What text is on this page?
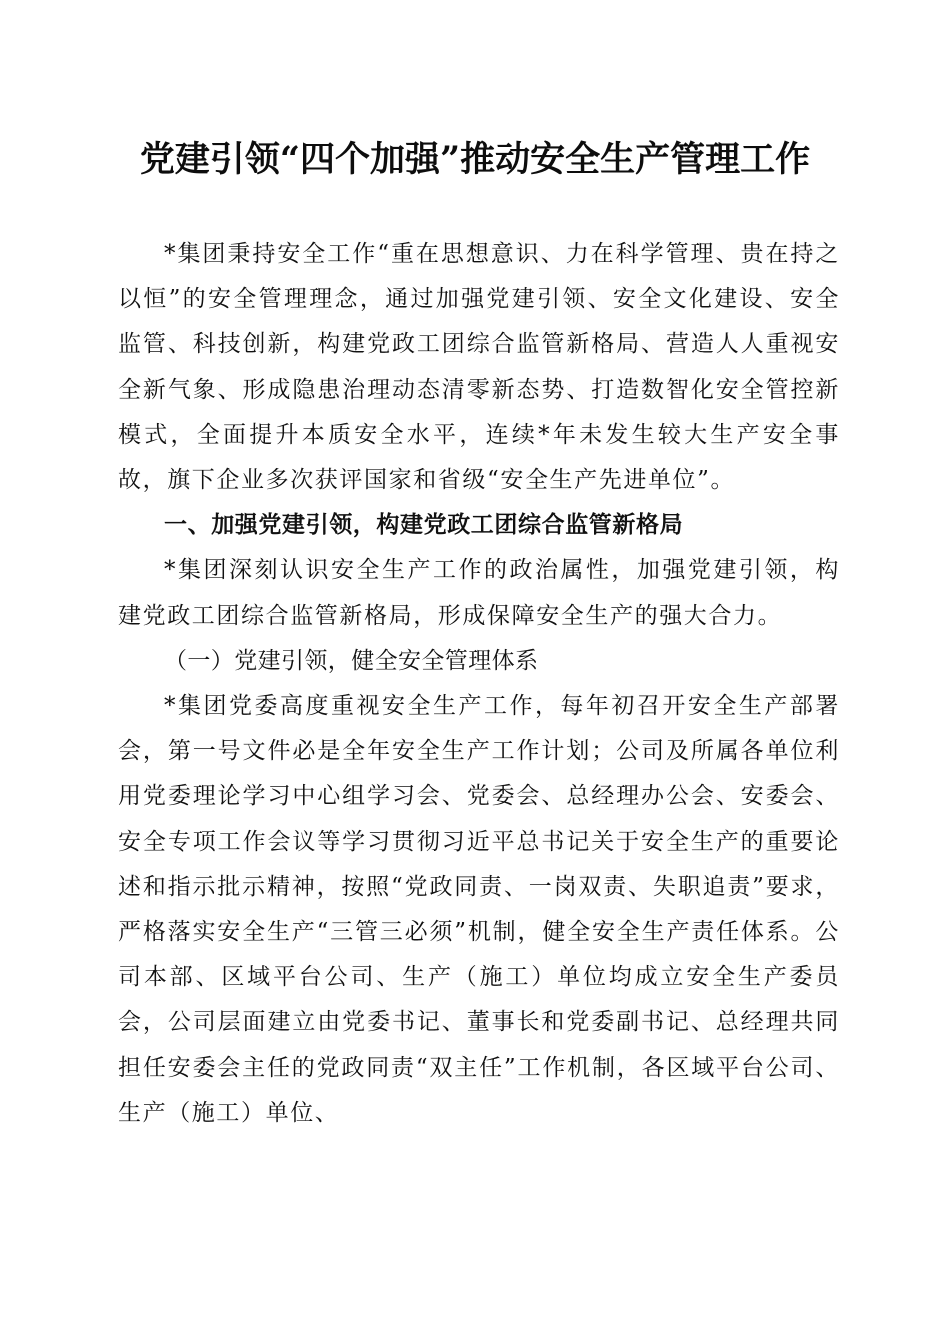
党建引领“四个加强”推动安全生产管理工作

*集团秉持安全工作“重在思想意识、力在科学管理、贵在持之以恒”的安全管理理念，通过加强党建引领、安全文化建设、安全监管、科技创新，构建党政工团综合监管新格局、营造人人重视安全新气象、形成隐患治理动态清零新态势、打造数智化安全管控新模式，全面提升本质安全水平，连续*年未发生较大生产安全事故，旗下企业多次获评国家和省级“安全生产先进单位”。

一、加强党建引领，构建党政工团综合监管新格局

*集团深刻认识安全生产工作的政治属性，加强党建引领，构建党政工团综合监管新格局，形成保障安全生产的强大合力。

（一）党建引领，健全安全管理体系

*集团党委高度重视安全生产工作，每年初召开安全生产部署会，第一号文件必是全年安全生产工作计划；公司及所属各单位利用党委理论学习中心组学习会、党委会、总经理办公会、安委会、安全专项工作会议等学习贯彻习近平总书记关于安全生产的重要论述和指示批示精神，按照“党政同责、一岗双责、失职追责”要求，严格落实安全生产“三管三必须”机制，健全安全生产责任体系。公司本部、区域平台公司、生产（施工）单位均成立安全生产委员会，公司层面建立由党委书记、董事长和党委副书记、总经理共同担任安委会主任的党政同责“双主任”工作机制，各区域平台公司、生产（施工）单位、
